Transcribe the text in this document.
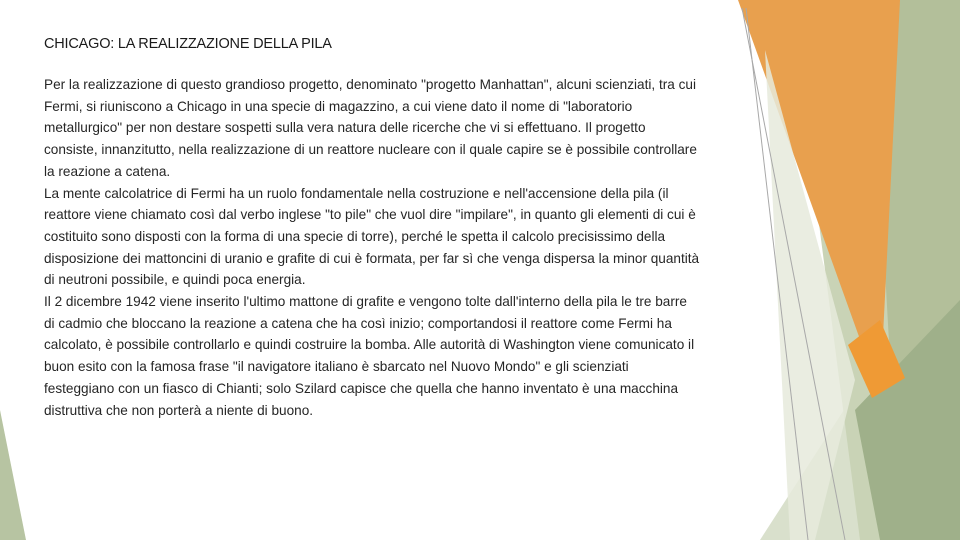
CHICAGO: LA REALIZZAZIONE DELLA PILA

Per la realizzazione di questo grandioso progetto, denominato "progetto Manhattan", alcuni scienziati, tra cui Fermi, si riuniscono a Chicago in una specie di magazzino, a cui viene dato il nome di "laboratorio metallurgico" per non destare sospetti sulla vera natura delle ricerche che vi si effettuano. Il progetto consiste, innanzitutto, nella realizzazione di un reattore nucleare con il quale capire se è possibile controllare la reazione a catena.

La mente calcolatrice di Fermi ha un ruolo fondamentale nella costruzione e nell'accensione della pila (il reattore viene chiamato così dal verbo inglese "to pile" che vuol dire "impilare", in quanto gli elementi di cui è costituito sono disposti con la forma di una specie di torre), perché le spetta il calcolo precisissimo della disposizione dei mattoncini di uranio e grafite di cui è formata, per far sì che venga dispersa la minor quantità di neutroni possibile, e quindi poca energia.

Il 2 dicembre 1942 viene inserito l'ultimo mattone di grafite e vengono tolte dall'interno della pila le tre barre di cadmio che bloccano la reazione a catena che ha così inizio; comportandosi il reattore come Fermi ha calcolato, è possibile controllarlo e quindi costruire la bomba. Alle autorità di Washington viene comunicato il buon esito con la famosa frase "il navigatore italiano è sbarcato nel Nuovo Mondo" e gli scienziati festeggiano con un fiasco di Chianti; solo Szilard capisce che quella che hanno inventato è una macchina distruttiva che non porterà a niente di buono.
